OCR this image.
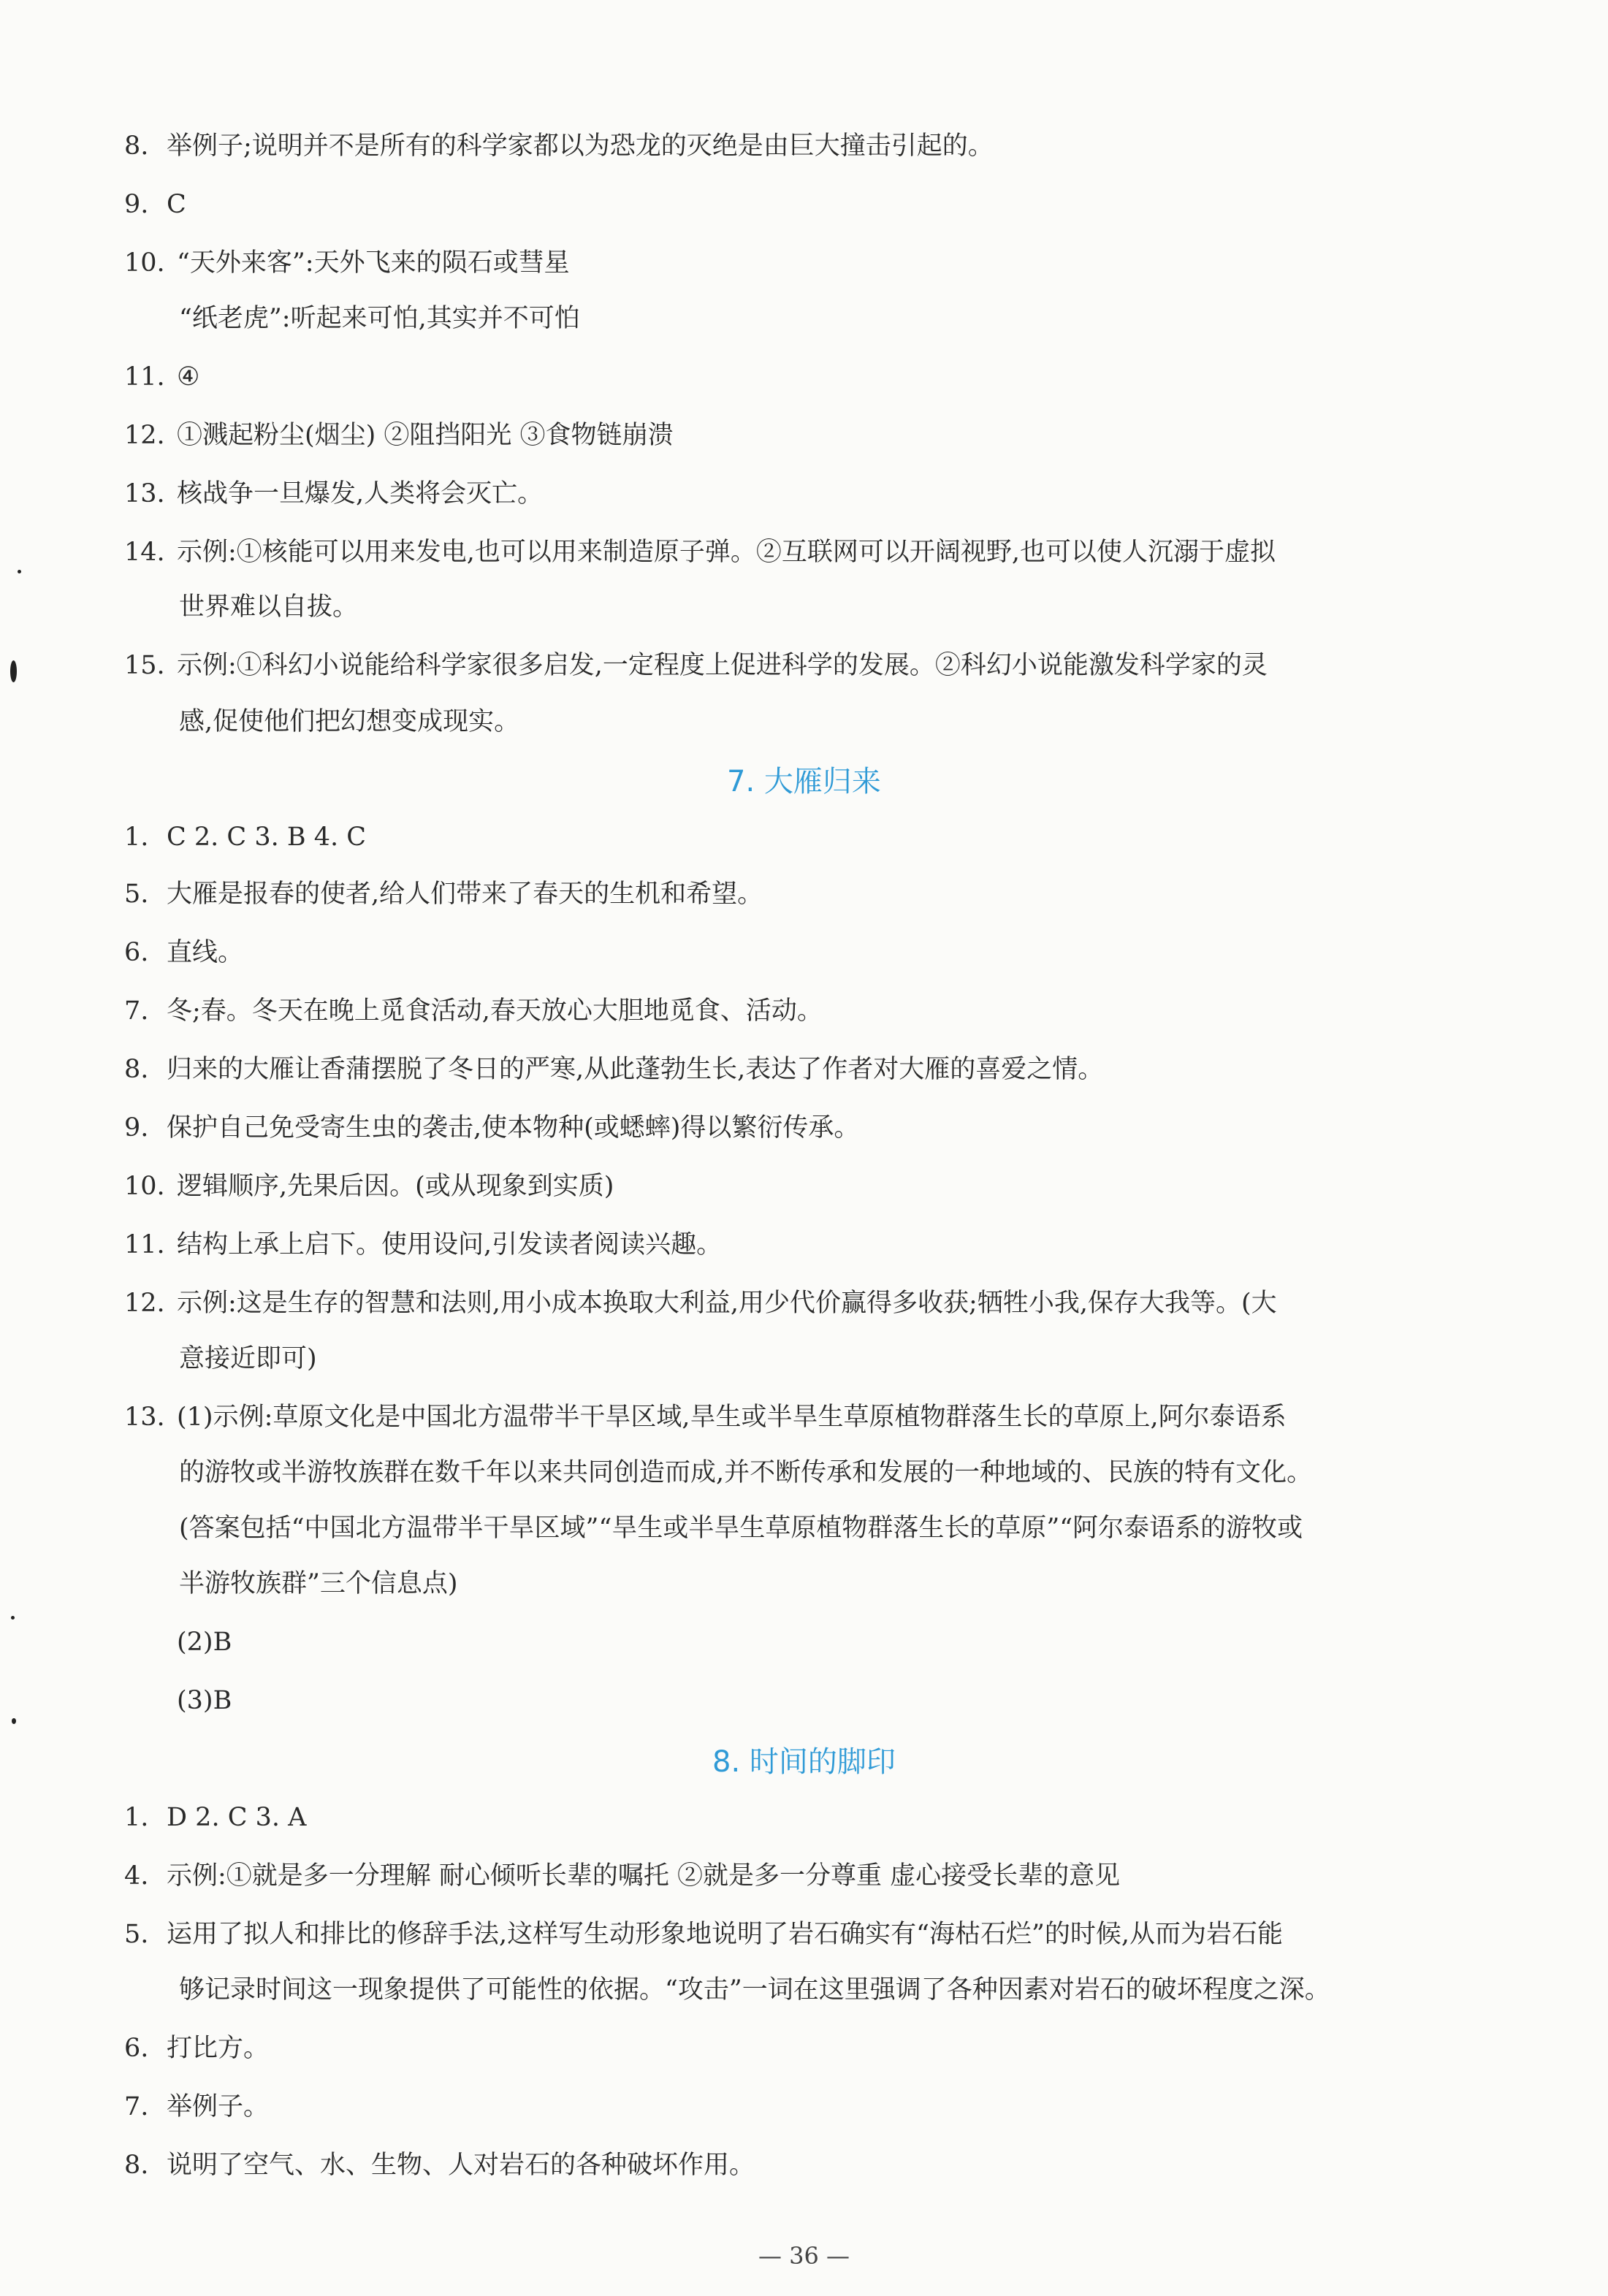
8. 举例子;说明并不是所有的科学家都以为恐龙的灭绝是由巨大撞击引起的。
9. C
10. “天外来客”:天外飞来的陨石或彗星
“纸老虎”:听起来可怕,其实并不可怕
11. ④
12. ①溅起粉尘(烟尘) ②阻挡阳光 ③食物链崩溃
13. 核战争一旦爆发,人类将会灭亡。
14. 示例:①核能可以用来发电,也可以用来制造原子弹。②互联网可以开阔视野,也可以使人沉溺于虚拟
世界难以自拔。
15. 示例:①科幻小说能给科学家很多启发,一定程度上促进科学的发展。②科幻小说能激发科学家的灵
感,促使他们把幻想变成现实。
7. 大雁归来
1. C 2. C 3. B 4. C
5. 大雁是报春的使者,给人们带来了春天的生机和希望。
6. 直线。
7. 冬;春。冬天在晚上觅食活动,春天放心大胆地觅食、活动。
8. 归来的大雁让香蒲摆脱了冬日的严寒,从此蓬勃生长,表达了作者对大雁的喜爱之情。
9. 保护自己免受寄生虫的袭击,使本物种(或蟋蟀)得以繁衍传承。
10. 逻辑顺序,先果后因。(或从现象到实质)
11. 结构上承上启下。使用设问,引发读者阅读兴趣。
12. 示例:这是生存的智慧和法则,用小成本换取大利益,用少代价赢得多收获;牺牲小我,保存大我等。(大
意接近即可)
13. (1)示例:草原文化是中国北方温带半干旱区域,旱生或半旱生草原植物群落生长的草原上,阿尔泰语系
的游牧或半游牧族群在数千年以来共同创造而成,并不断传承和发展的一种地域的、民族的特有文化。
(答案包括“中国北方温带半干旱区域”“旱生或半旱生草原植物群落生长的草原”“阿尔泰语系的游牧或
半游牧族群”三个信息点)
(2)B
(3)B
8. 时间的脚印
1. D 2. C 3. A
4. 示例:①就是多一分理解 耐心倾听长辈的嘱托 ②就是多一分尊重 虚心接受长辈的意见
5. 运用了拟人和排比的修辞手法,这样写生动形象地说明了岩石确实有“海枯石烂”的时候,从而为岩石能
够记录时间这一现象提供了可能性的依据。“攻击”一词在这里强调了各种因素对岩石的破坏程度之深。
6. 打比方。
7. 举例子。
8. 说明了空气、水、生物、人对岩石的各种破坏作用。
— 36 —
